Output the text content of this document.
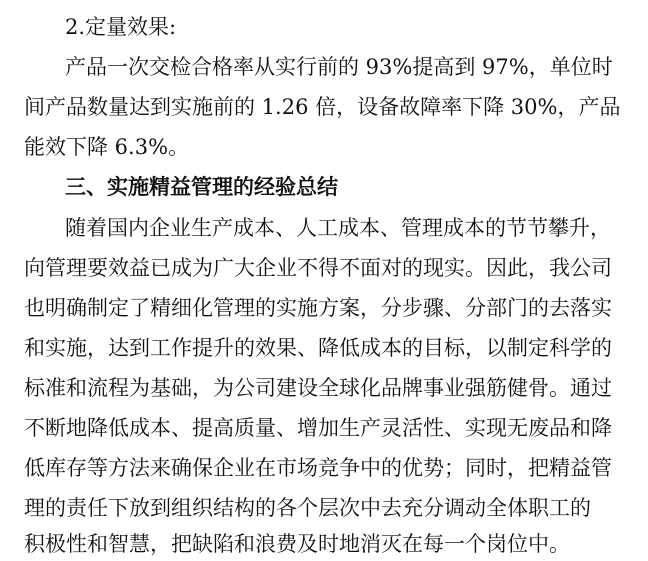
2.定量效果:
产品一次交检合格率从实行前的 93%提高到 97%，单位时
间产品数量达到实施前的 1.26 倍，设备故障率下降 30%，产品
能效下降 6.3%。
三、实施精益管理的经验总结
随着国内企业生产成本、人工成本、管理成本的节节攀升，
向管理要效益已成为广大企业不得不面对的现实。因此，我公司
也明确制定了精细化管理的实施方案，分步骤、分部门的去落实
和实施，达到工作提升的效果、降低成本的目标，以制定科学的
标准和流程为基础，为公司建设全球化品牌事业强筋健骨。通过
不断地降低成本、提高质量、增加生产灵活性、实现无废品和降
低库存等方法来确保企业在市场竞争中的优势；同时，把精益管
理的责任下放到组织结构的各个层次中去充分调动全体职工的
积极性和智慧，把缺陷和浪费及时地消灭在每一个岗位中。
